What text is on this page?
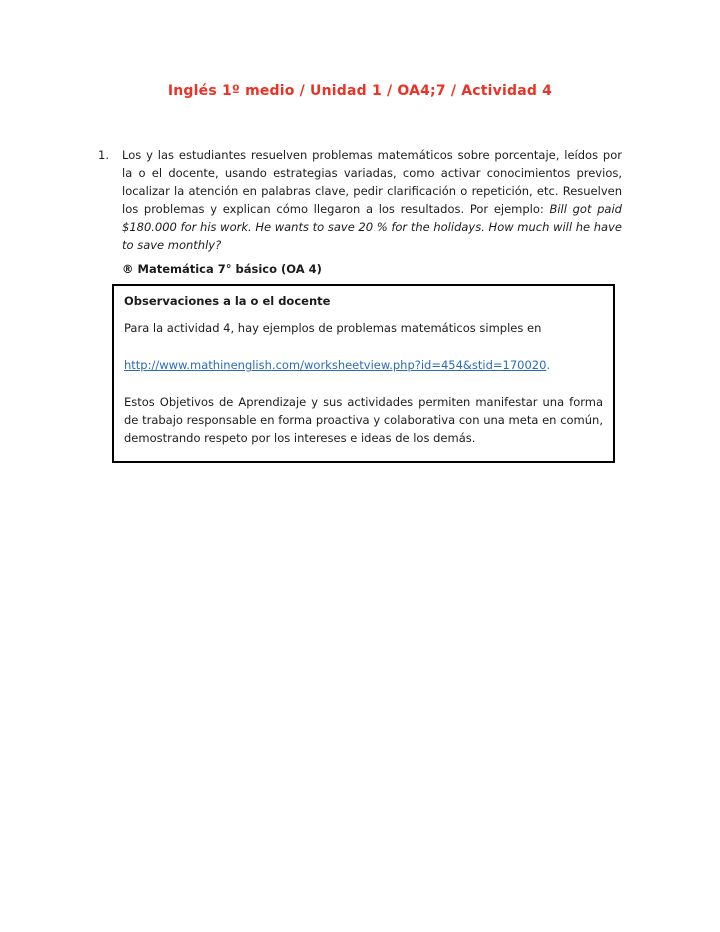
Inglés 1º medio / Unidad 1 / OA4;7 / Actividad 4
1.	Los y las estudiantes resuelven problemas matemáticos sobre porcentaje, leídos por la o el docente, usando estrategias variadas, como activar conocimientos previos, localizar la atención en palabras clave, pedir clarificación o repetición, etc. Resuelven los problemas y explican cómo llegaron a los resultados. Por ejemplo: Bill got paid $180.000 for his work. He wants to save 20 % for the holidays. How much will he have to save monthly?
® Matemática 7° básico (OA 4)
Observaciones a la o el docente

Para la actividad 4, hay ejemplos de problemas matemáticos simples en

http://www.mathinenglish.com/worksheetview.php?id=454&stid=170020.

Estos Objetivos de Aprendizaje y sus actividades permiten manifestar una forma de trabajo responsable en forma proactiva y colaborativa con una meta en común, demostrando respeto por los intereses e ideas de los demás.
